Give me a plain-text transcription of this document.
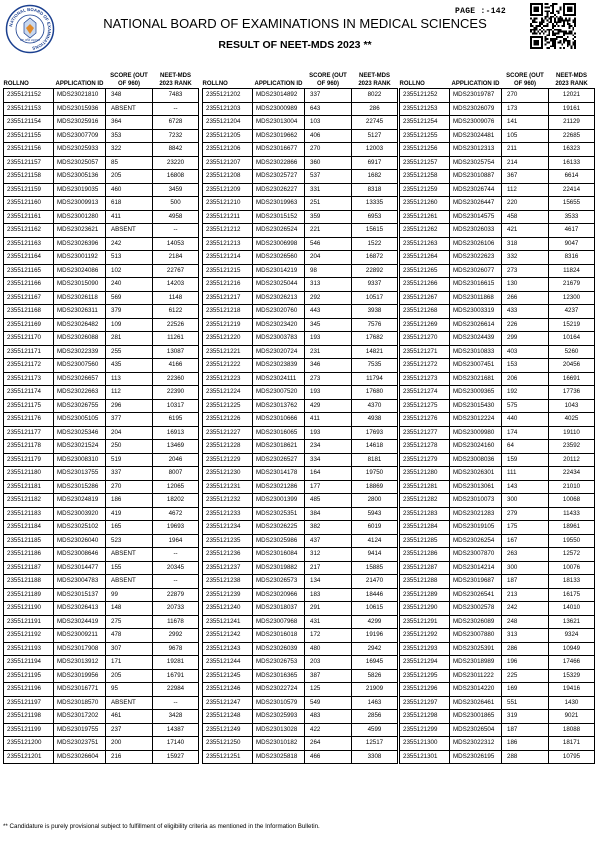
NATIONAL BOARD OF EXAMINATIONS
सेवा शान्ति अनुशासन
PAGE :-142
NATIONAL BOARD OF EXAMINATIONS IN MEDICAL SCIENCES
RESULT OF NEET-MDS 2023 **
ROLLNO	APPLICATION ID	SCORE (OUT OF 960)	NEET-MDS 2023 RANK
2355121152	MDS23021810	348	7483
2355121153	MDS23015936	ABSENT	--
2355121154	MDS23025916	364	6728
2355121155	MDS23007709	353	7232
2355121156	MDS23025933	322	8842
2355121157	MDS23025057	85	23220
2355121158	MDS23005136	205	16808
2355121159	MDS23019035	460	3459
2355121160	MDS23009913	618	500
2355121161	MDS23001280	411	4958
2355121162	MDS23023621	ABSENT	--
2355121163	MDS23026396	242	14053
2355121164	MDS23001192	513	2184
2355121165	MDS23024086	102	22767
2355121166	MDS23015090	240	14203
2355121167	MDS23026118	569	1148
2355121168	MDS23026311	379	6122
2355121169	MDS23026482	109	22526
2355121170	MDS23026088	281	11261
2355121171	MDS23022339	255	13087
2355121172	MDS23007560	435	4166
2355121173	MDS23026657	113	22360
2355121174	MDS23022663	112	22390
2355121175	MDS23026755	296	10317
2355121176	MDS23005105	377	6195
2355121177	MDS23025346	204	16913
2355121178	MDS23021524	250	13469
2355121179	MDS23008310	519	2046
2355121180	MDS23013755	337	8007
2355121181	MDS23015286	270	12065
2355121182	MDS23024819	186	18202
2355121183	MDS23003920	419	4672
2355121184	MDS23025102	165	19693
2355121185	MDS23026040	523	1964
2355121186	MDS23008646	ABSENT	--
2355121187	MDS23014477	155	20345
2355121188	MDS23004783	ABSENT	--
2355121189	MDS23015137	99	22879
2355121190	MDS23026413	148	20733
2355121191	MDS23024419	275	11678
2355121192	MDS23009211	478	2992
2355121193	MDS23017908	307	9678
2355121194	MDS23013912	171	19281
2355121195	MDS23019956	205	16791
2355121196	MDS23016771	95	22984
2355121197	MDS23018570	ABSENT	--
2355121198	MDS23017202	461	3428
2355121199	MDS23019755	237	14387
2355121200	MDS23023751	200	17140
2355121201	MDS23026604	216	15927
ROLLNO	APPLICATION ID	SCORE (OUT OF 960)	NEET-MDS 2023 RANK
2355121202	MDS23014892	337	8022
2355121203	MDS23000989	643	286
2355121204	MDS23013004	103	22745
2355121205	MDS23019662	406	5127
2355121206	MDS23016677	270	12003
2355121207	MDS23022866	360	6917
2355121208	MDS23025727	537	1682
2355121209	MDS23026227	331	8318
2355121210	MDS23019963	251	13335
2355121211	MDS23015152	359	6953
2355121212	MDS23026524	221	15615
2355121213	MDS23006998	546	1522
2355121214	MDS23026560	204	16872
2355121215	MDS23014219	98	22892
2355121216	MDS23025044	313	9337
2355121217	MDS23026213	292	10517
2355121218	MDS23020760	443	3938
2355121219	MDS23023420	345	7576
2355121220	MDS23003783	193	17682
2355121221	MDS23020724	231	14821
2355121222	MDS23023839	346	7535
2355121223	MDS23024111	273	11794
2355121224	MDS23007520	193	17680
2355121225	MDS23013762	429	4370
2355121226	MDS23010666	411	4938
2355121227	MDS23016065	193	17693
2355121228	MDS23018621	234	14618
2355121229	MDS23026527	334	8181
2355121230	MDS23014178	164	19750
2355121231	MDS23021286	177	18869
2355121232	MDS23001399	485	2800
2355121233	MDS23025351	384	5943
2355121234	MDS23026225	382	6019
2355121235	MDS23025986	437	4124
2355121236	MDS23016084	312	9414
2355121237	MDS23019882	217	15885
2355121238	MDS23026573	134	21470
2355121239	MDS23020966	183	18446
2355121240	MDS23018037	291	10615
2355121241	MDS23007968	431	4299
2355121242	MDS23016018	172	19196
2355121243	MDS23026039	480	2942
2355121244	MDS23026753	203	16945
2355121245	MDS23016365	387	5826
2355121246	MDS23022724	125	21909
2355121247	MDS23010579	549	1463
2355121248	MDS23025993	483	2856
2355121249	MDS23013028	422	4599
2355121250	MDS23010182	264	12517
2355121251	MDS23025818	466	3308
ROLLNO	APPLICATION ID	SCORE (OUT OF 960)	NEET-MDS 2023 RANK
2355121252	MDS23019787	270	12021
2355121253	MDS23026079	173	19161
2355121254	MDS23009076	141	21129
2355121255	MDS23024481	105	22685
2355121256	MDS23012313	211	16323
2355121257	MDS23025754	214	16133
2355121258	MDS23010887	367	6614
2355121259	MDS23026744	112	22414
2355121260	MDS23026447	220	15655
2355121261	MDS23014575	458	3533
2355121262	MDS23026033	421	4617
2355121263	MDS23026106	318	9047
2355121264	MDS23022623	332	8316
2355121265	MDS23026077	273	11824
2355121266	MDS23016615	130	21679
2355121267	MDS23011868	266	12300
2355121268	MDS23003319	433	4237
2355121269	MDS23026614	226	15219
2355121270	MDS23024439	299	10164
2355121271	MDS23010833	403	5260
2355121272	MDS23007451	153	20456
2355121273	MDS23021681	206	16691
2355121274	MDS23009365	192	17736
2355121275	MDS23015430	575	1043
2355121276	MDS23012224	440	4025
2355121277	MDS23009980	174	19110
2355121278	MDS23024160	64	23592
2355121279	MDS23008036	159	20112
2355121280	MDS23026301	111	22434
2355121281	MDS23013061	143	21010
2355121282	MDS23010073	300	10068
2355121283	MDS23021283	279	11433
2355121284	MDS23019105	175	18961
2355121285	MDS23026254	167	19550
2355121286	MDS23007870	263	12572
2355121287	MDS23014214	300	10076
2355121288	MDS23019687	187	18133
2355121289	MDS23026541	213	16175
2355121290	MDS23002578	242	14010
2355121291	MDS23026089	248	13621
2355121292	MDS23007880	313	9324
2355121293	MDS23025391	286	10949
2355121294	MDS23018989	196	17466
2355121295	MDS23011222	225	15329
2355121296	MDS23014220	169	19416
2355121297	MDS23026461	551	1430
2355121298	MDS23001865	319	9021
2355121299	MDS23026504	187	18088
2355121300	MDS23022312	186	18171
2355121301	MDS23026195	288	10795
** Candidature is purely provisional subject to fulfillment of eligibility criteria as mentioned in the Information Bulletin.
